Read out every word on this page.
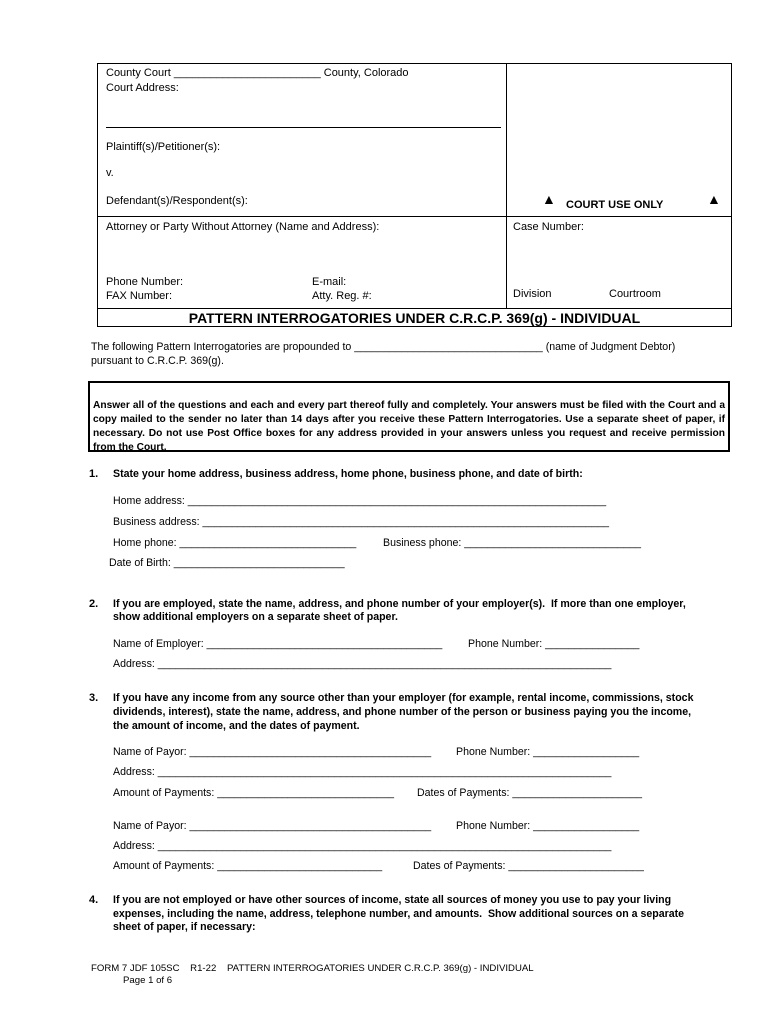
County Court ________________________ County, Colorado
Court Address:
Plaintiff(s)/Petitioner(s):
v.
Defendant(s)/Respondent(s):	▲ COURT USE ONLY	▲
Attorney or Party Without Attorney (Name and Address):	Case Number:
Phone Number:	E-mail:
FAX Number:	Atty. Reg. #:	Division	Courtroom
PATTERN INTERROGATORIES UNDER C.R.C.P. 369(g) - INDIVIDUAL
The following Pattern Interrogatories are propounded to ________________________________ (name of Judgment Debtor)
pursuant to C.R.C.P. 369(g).
Answer all of the questions and each and every part thereof fully and completely. Your answers must be filed with the Court and a copy mailed to the sender no later than 14 days after you receive these Pattern Interrogatories. Use a separate sheet of paper, if necessary. Do not use Post Office boxes for any address provided in your answers unless you request and receive permission from the Court.
1. State your home address, business address, home phone, business phone, and date of birth:
Home address: _______________________________________________________________________
Business address: _____________________________________________________________________
Home phone: ______________________________	Business phone: ______________________________
Date of Birth: _____________________________
2. If you are employed, state the name, address, and phone number of your employer(s).  If more than one employer,
show additional employers on a separate sheet of paper.
Name of Employer: ________________________________________ Phone Number: ________________
Address: _____________________________________________________________________________
3. If you have any income from any source other than your employer (for example, rental income, commissions, stock
dividends, interest), state the name, address, and phone number of the person or business paying you the income,
the amount of income, and the dates of payment.
Name of Payor: _________________________________________ Phone Number: __________________
Address: _____________________________________________________________________________
Amount of Payments: ______________________________ Dates of Payments: ______________________
Name of Payor: _________________________________________ Phone Number: __________________
Address: _____________________________________________________________________________
Amount of Payments: ____________________________	Dates of Payments: _______________________
4. If you are not employed or have other sources of income, state all sources of money you use to pay your living
expenses, including the name, address, telephone number, and amounts.  Show additional sources on a separate
sheet of paper, if necessary:
FORM 7 JDF 105SC    R1-22    PATTERN INTERROGATORIES UNDER C.R.C.P. 369(g) - INDIVIDUAL
Page 1 of 6
